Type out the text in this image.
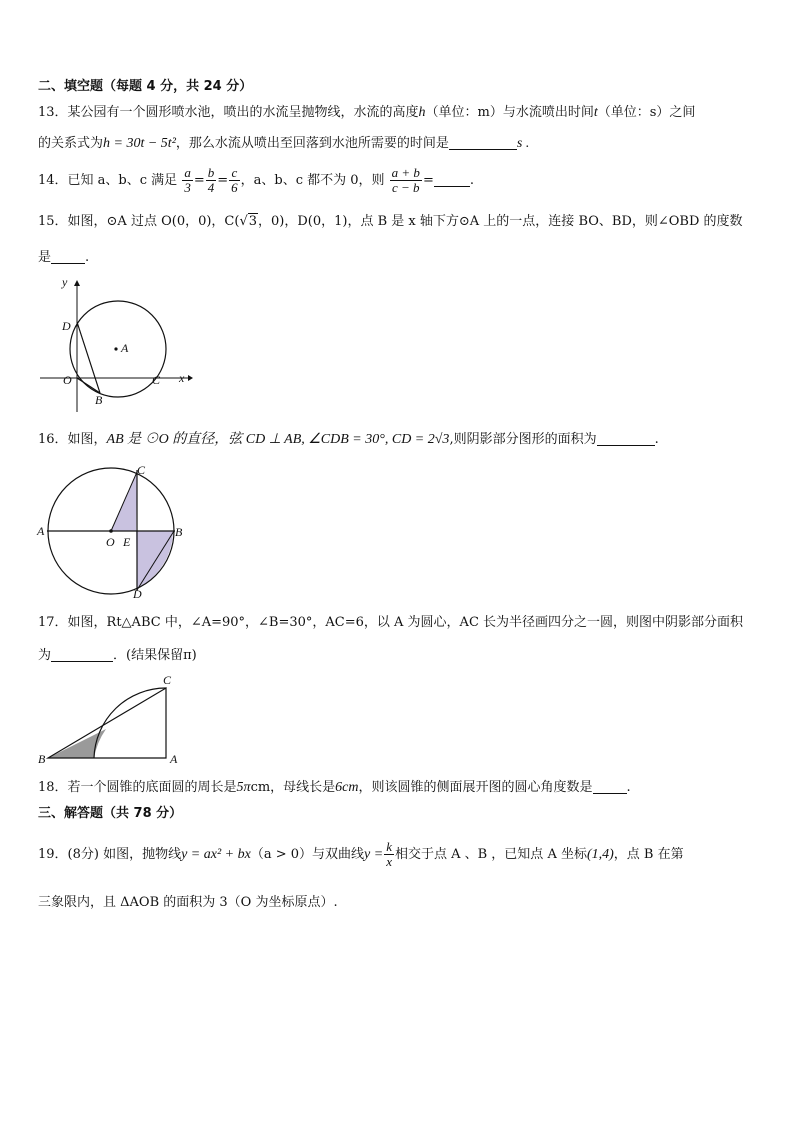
二、填空题（每题 4 分，共 24 分）
13．某公园有一个圆形喷水池，喷出的水流呈抛物线，水流的高度h（单位：m）与水流喷出时间t（单位：s）之间
的关系式为h = 30t − 5t²，那么水流从喷出至回落到水池所需要的时间是	s .
14．已知 a、b、c 满足 $\frac{a}{3} = \frac{b}{4} = \frac{c}{6}$ ，a、b、c 都不为 0，则 $\frac{a + b}{c - b}$ =	.
15．如图，⊙A 过点 O(0，0)，C(√3，0)，D(0，1)，点 B 是 x 轴下方⊙A 上的一点，连接 BO、BD，则∠OBD 的度数
是	.
y
x
D
O	C
B
A
16．如图，AB 是 ⊙O 的直径，弦 CD ⊥ AB, ∠CDB = 30°, CD = 2√3,则阴影部分图形的面积为	.
A	B
C
D
O E
17．如图，Rt△ABC 中，∠A=90°，∠B=30°，AC=6，以 A 为圆心，AC 长为半径画四分之一圆，则图中阴影部分面积
为	．(结果保留π)
B	A
C
18．若一个圆锥的底面圆的周长是5πcm，母线长是6cm，则该圆锥的侧面展开图的圆心角度数是	.
三、解答题（共 78 分）
19．(8分) 如图，抛物线y = ax² + bx（a > 0）与双曲线$y = \frac{k}{x}$ 相交于点 A 、B ，已知点 A 坐标(1,4)，点 B 在第
三象限内，且 ΔAOB 的面积为 3（O 为坐标原点）.
